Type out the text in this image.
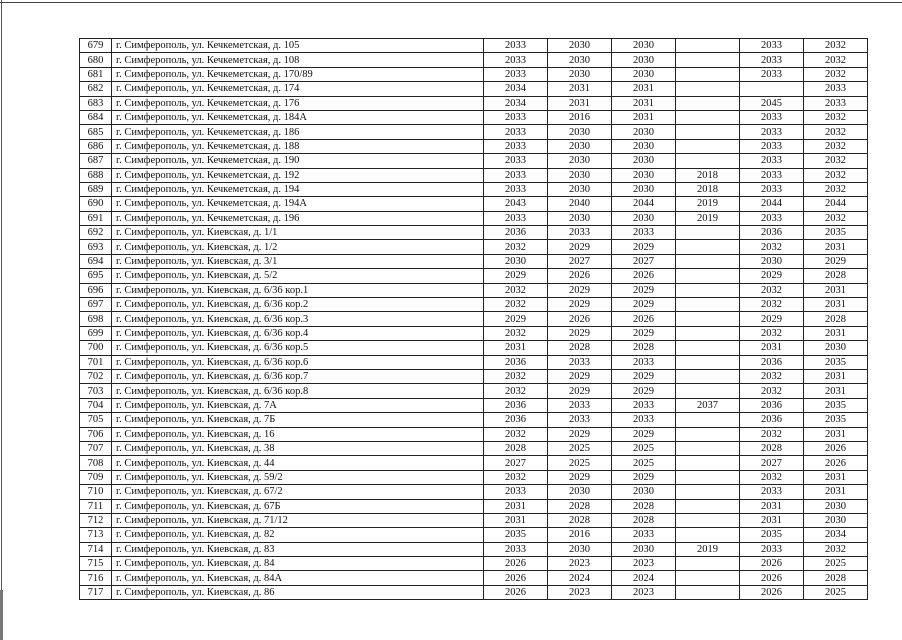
679	г. Симферополь, ул. Кечкеметская, д. 105	2033	2030	2030		2033	2032
680	г. Симферополь, ул. Кечкеметская, д. 108	2033	2030	2030		2033	2032
681	г. Симферополь, ул. Кечкеметская, д. 170/89	2033	2030	2030		2033	2032
682	г. Симферополь, ул. Кечкеметская, д. 174	2034	2031	2031			2033
683	г. Симферополь, ул. Кечкеметская, д. 176	2034	2031	2031		2045	2033
684	г. Симферополь, ул. Кечкеметская, д. 184А	2033	2016	2031		2033	2032
685	г. Симферополь, ул. Кечкеметская, д. 186	2033	2030	2030		2033	2032
686	г. Симферополь, ул. Кечкеметская, д. 188	2033	2030	2030		2033	2032
687	г. Симферополь, ул. Кечкеметская, д. 190	2033	2030	2030		2033	2032
688	г. Симферополь, ул. Кечкеметская, д. 192	2033	2030	2030	2018	2033	2032
689	г. Симферополь, ул. Кечкеметская, д. 194	2033	2030	2030	2018	2033	2032
690	г. Симферополь, ул. Кечкеметская, д. 194А	2043	2040	2044	2019	2044	2044
691	г. Симферополь, ул. Кечкеметская, д. 196	2033	2030	2030	2019	2033	2032
692	г. Симферополь, ул. Киевская, д. 1/1	2036	2033	2033		2036	2035
693	г. Симферополь, ул. Киевская, д. 1/2	2032	2029	2029		2032	2031
694	г. Симферополь, ул. Киевская, д. 3/1	2030	2027	2027		2030	2029
695	г. Симферополь, ул. Киевская, д. 5/2	2029	2026	2026		2029	2028
696	г. Симферополь, ул. Киевская, д. 6/36 кор.1	2032	2029	2029		2032	2031
697	г. Симферополь, ул. Киевская, д. 6/36 кор.2	2032	2029	2029		2032	2031
698	г. Симферополь, ул. Киевская, д. 6/36 кор.3	2029	2026	2026		2029	2028
699	г. Симферополь, ул. Киевская, д. 6/36 кор.4	2032	2029	2029		2032	2031
700	г. Симферополь, ул. Киевская, д. 6/36 кор.5	2031	2028	2028		2031	2030
701	г. Симферополь, ул. Киевская, д. 6/36 кор.6	2036	2033	2033		2036	2035
702	г. Симферополь, ул. Киевская, д. 6/36 кор.7	2032	2029	2029		2032	2031
703	г. Симферополь, ул. Киевская, д. 6/36 кор.8	2032	2029	2029		2032	2031
704	г. Симферополь, ул. Киевская, д. 7А	2036	2033	2033	2037	2036	2035
705	г. Симферополь, ул. Киевская, д. 7Б	2036	2033	2033		2036	2035
706	г. Симферополь, ул. Киевская, д. 16	2032	2029	2029		2032	2031
707	г. Симферополь, ул. Киевская, д. 38	2028	2025	2025		2028	2026
708	г. Симферополь, ул. Киевская, д. 44	2027	2025	2025		2027	2026
709	г. Симферополь, ул. Киевская, д. 59/2	2032	2029	2029		2032	2031
710	г. Симферополь, ул. Киевская, д. 67/2	2033	2030	2030		2033	2031
711	г. Симферополь, ул. Киевская, д. 67Б	2031	2028	2028		2031	2030
712	г. Симферополь, ул. Киевская, д. 71/12	2031	2028	2028		2031	2030
713	г. Симферополь, ул. Киевская, д. 82	2035	2016	2033		2035	2034
714	г. Симферополь, ул. Киевская, д. 83	2033	2030	2030	2019	2033	2032
715	г. Симферополь, ул. Киевская, д. 84	2026	2023	2023		2026	2025
716	г. Симферополь, ул. Киевская, д. 84А	2026	2024	2024		2026	2028
717	г. Симферополь, ул. Киевская, д. 86	2026	2023	2023		2026	2025
